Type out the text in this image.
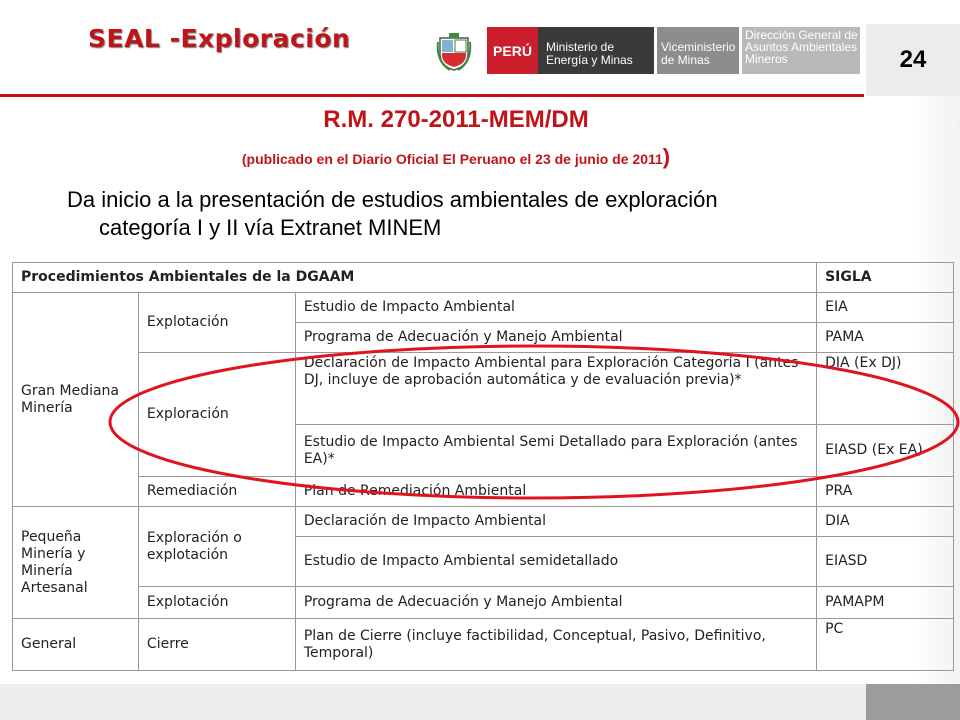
SEAL -Exploración	PERÚ	Ministerio de Energía y Minas
Viceministerio de Minas
Dirección General de Asuntos Ambientales Mineros	24
R.M. 270-2011-MEM/DM
(publicado en el Diario Oficial El Peruano el 23 de junio de 2011)
Da inicio a la presentación de estudios ambientales de exploración
categoría I y II vía Extranet MINEM
Procedimientos Ambientales de la DGAAM			SIGLA
Gran Mediana Minería	Explotación	Estudio de Impacto Ambiental	EIA
		Programa de Adecuación y Manejo Ambiental	PAMA
	Exploración	Declaración de Impacto Ambiental para Exploración Categoría I (antes DJ, incluye de aprobación automática y de evaluación previa)*	DIA (Ex DJ)
		Estudio de Impacto Ambiental Semi Detallado para Exploración (antes EA)*	EIASD (Ex EA)
	Remediación	Plan de Remediación Ambiental	PRA
Pequeña Minería y Minería Artesanal	Exploración o explotación	Declaración de Impacto Ambiental	DIA
		Estudio de Impacto Ambiental semidetallado	EIASD
	Explotación	Programa de Adecuación y Manejo Ambiental	PAMAPM
General	Cierre	Plan de Cierre (incluye factibilidad, Conceptual, Pasivo, Definitivo, Temporal)	PC
